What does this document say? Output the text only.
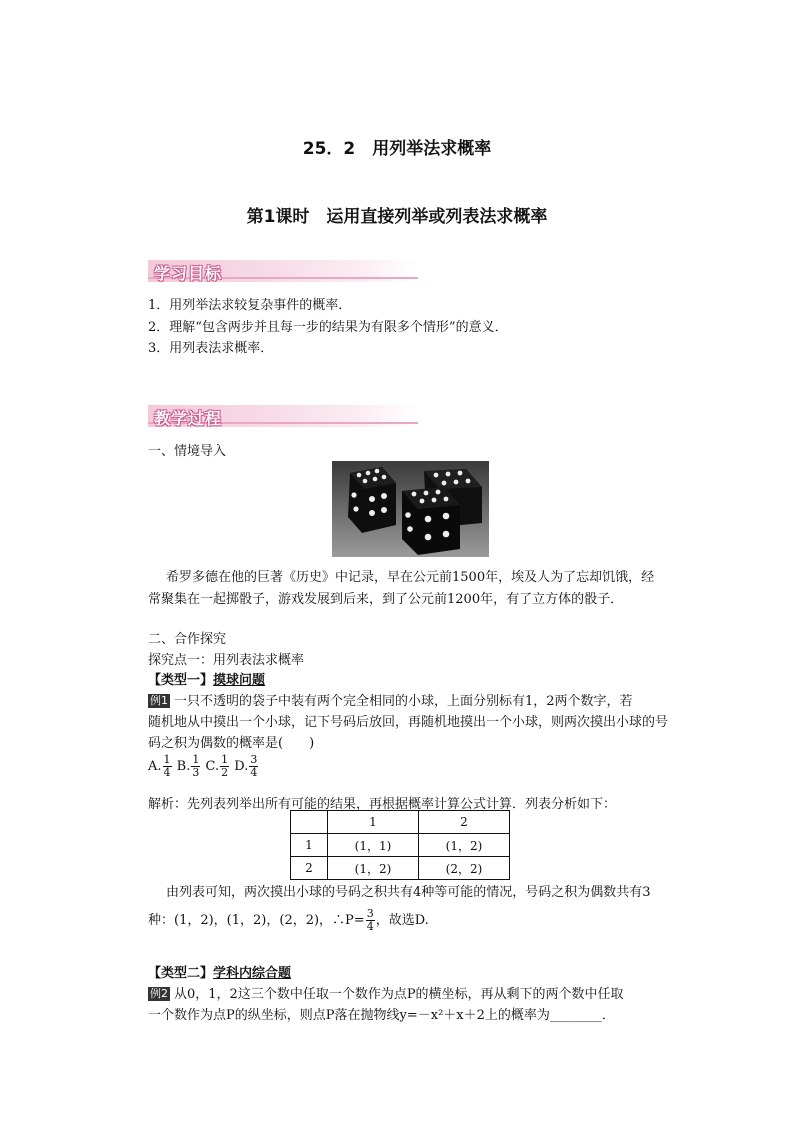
25．2　用列举法求概率
第1课时　运用直接列举或列表法求概率
学习目标
1．用列举法求较复杂事件的概率．
2．理解“包含两步并且每一步的结果为有限多个情形”的意义．
3．用列表法求概率．
教学过程
一、情境导入
希罗多德在他的巨著《历史》中记录，早在公元前1500年，埃及人为了忘却饥饿，经
常聚集在一起掷骰子，游戏发展到后来，到了公元前1200年，有了立方体的骰子．
二、合作探究
探究点一：用列表法求概率
【类型一】摸球问题
例1 一只不透明的袋子中装有两个完全相同的小球，上面分别标有1，2两个数字，若
随机地从中摸出一个小球，记下号码后放回，再随机地摸出一个小球，则两次摸出小球的号
码之积为偶数的概率是(　　)
A. $\frac{1}{4} B$. $\frac{1}{3} C$. $\frac{1}{2} D$. $\frac{3}{4}$
解析：先列表列举出所有可能的结果，再根据概率计算公式计算．列表分析如下：
	1	2
1	(1，1)	(1，2)
2	(1，2)	(2，2)
由列表可知，两次摸出小球的号码之积共有4种等可能的情况，号码之积为偶数共有3
种：(1，2)，(1，2)，(2，2)，∴P= $\frac{3}{4}$ ，故选D.
【类型二】学科内综合题
例2 从0，1，2这三个数中任取一个数作为点P的横坐标，再从剩下的两个数中任取
一个数作为点P的纵坐标，则点P落在抛物线y=－x²＋x＋2上的概率为________．
